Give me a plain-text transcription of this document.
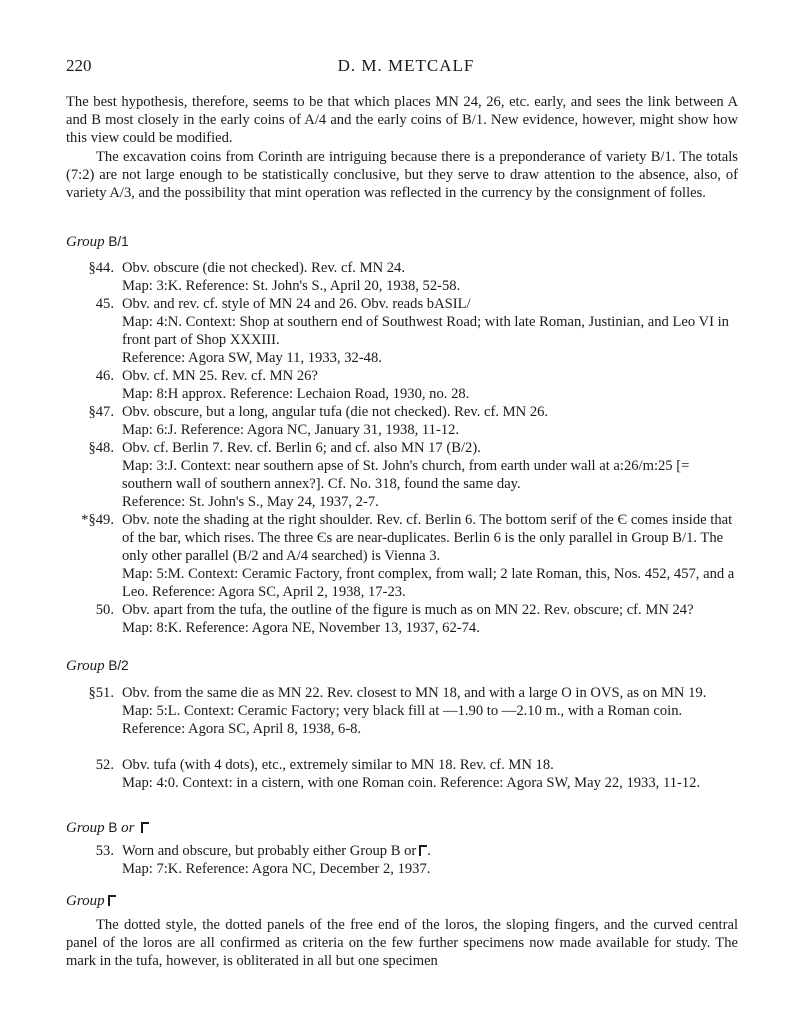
220	D. M. METCALF
The best hypothesis, therefore, seems to be that which places MN 24, 26, etc. early, and sees the link between A and B most closely in the early coins of A/4 and the early coins of B/1. New evidence, however, might show how this view could be modified.
The excavation coins from Corinth are intriguing because there is a preponderance of variety B/1. The totals (7:2) are not large enough to be statistically conclusive, but they serve to draw attention to the absence, also, of variety A/3, and the possibility that mint operation was reflected in the currency by the consignment of folles.
Group B/1
§44. Obv. obscure (die not checked). Rev. cf. MN 24.
Map: 3:K. Reference: St. John's S., April 20, 1938, 52-58.
45. Obv. and rev. cf. style of MN 24 and 26. Obv. reads bASIL/
Map: 4:N. Context: Shop at southern end of Southwest Road; with late Roman, Justinian, and Leo VI in front part of Shop XXXIII.
Reference: Agora SW, May 11, 1933, 32-48.
46. Obv. cf. MN 25. Rev. cf. MN 26?
Map: 8:H approx. Reference: Lechaion Road, 1930, no. 28.
§47. Obv. obscure, but a long, angular tufa (die not checked). Rev. cf. MN 26.
Map: 6:J. Reference: Agora NC, January 31, 1938, 11-12.
§48. Obv. cf. Berlin 7. Rev. cf. Berlin 6; and cf. also MN 17 (B/2).
Map: 3:J. Context: near southern apse of St. John's church, from earth under wall at a:26/m:25 [= southern wall of southern annex?]. Cf. No. 318, found the same day.
Reference: St. John's S., May 24, 1937, 2-7.
*§49. Obv. note the shading at the right shoulder. Rev. cf. Berlin 6. The bottom serif of the Є comes inside that of the bar, which rises. The three Єs are near-duplicates. Berlin 6 is the only parallel in Group B/1. The only other parallel (B/2 and A/4 searched) is Vienna 3.
Map: 5:M. Context: Ceramic Factory, front complex, from wall; 2 late Roman, this, Nos. 452, 457, and a Leo. Reference: Agora SC, April 2, 1938, 17-23.
50. Obv. apart from the tufa, the outline of the figure is much as on MN 22. Rev. obscure; cf. MN 24?
Map: 8:K. Reference: Agora NE, November 13, 1937, 62-74.
Group B/2
§51. Obv. from the same die as MN 22. Rev. closest to MN 18, and with a large O in OVS, as on MN 19.
Map: 5:L. Context: Ceramic Factory; very black fill at —1.90 to —2.10 m., with a Roman coin. Reference: Agora SC, April 8, 1938, 6-8.
52. Obv. tufa (with 4 dots), etc., extremely similar to MN 18. Rev. cf. MN 18.
Map: 4:0. Context: in a cistern, with one Roman coin. Reference: Agora SW, May 22, 1933, 11-12.
Group B or
53. Worn and obscure, but probably either Group B or .
Map: 7:K. Reference: Agora NC, December 2, 1937.
Group
The dotted style, the dotted panels of the free end of the loros, the sloping fingers, and the curved central panel of the loros are all confirmed as criteria on the few further specimens now made available for study. The mark in the tufa, however, is obliterated in all but one specimen
